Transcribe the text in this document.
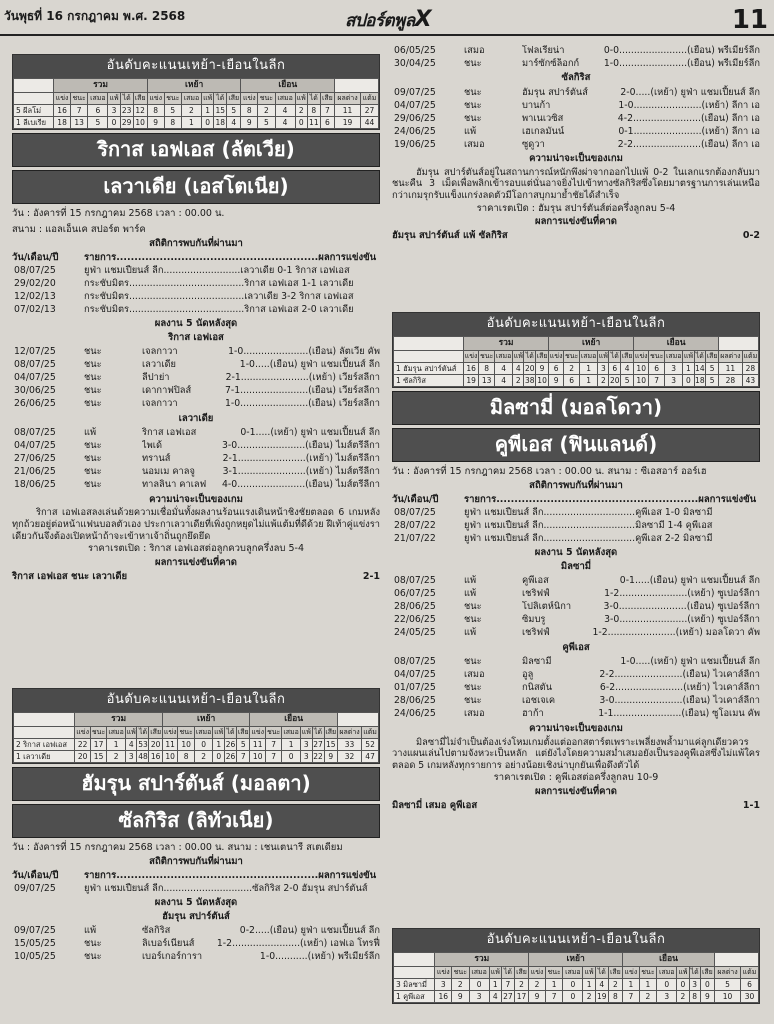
วันพุธที่ 16 กรกฎาคม พ.ศ. 2568	สปอร์ตพูลX	11
อันดับคะแนนเหย้า-เยือนในลีก
	รวม						เหย้า						เยือน							
	แข่ง	ชนะ	เสมอ	แพ้	ได้	เสีย	แข่ง	ชนะ	เสมอ	แพ้	ได้	เสีย	แข่ง	ชนะ	เสมอ	แพ้	ได้	เสีย	ผลต่าง	แต้ม
5 ผีลโม่	16	7	6	3	23	12	8	5	2	1	15	5	8	2	4	2	8	7	11	27
1 ลีเบเรีย	18	13	5	0	29	10	9	8	1	0	18	4	9	5	4	0	11	6	19	44
ริกาส เอฟเอส (ลัตเวีย)
เลวาเดีย (เอสโตเนีย)
วัน : อังคารที่ 15 กรกฎาคม 2568 เวลา : 00.00 น.
สนาม : แอลเอ็นเค สปอร์ต พาร์ค
สถิติการพบกันที่ผ่านมา
วัน/เดือน/ปี	รายการ........................................................ผลการแข่งขัน
08/07/25	ยูฟ่า แชมเปี้ยนส์ ลีก..........................เลวาเดีย 0-1 ริกาส เอฟเอส
29/02/20	กระชับมิตร.......................................ริกาส เอฟเอส 1-1 เลวาเดีย
12/02/13	กระชับมิตร.......................................เลวาเดีย 3-2 ริกาส เอฟเอส
07/02/13	กระชับมิตร.......................................ริกาส เอฟเอส 2-0 เลวาเดีย
ผลงาน 5 นัดหลังสุด
ริกาส เอฟเอส
12/07/25	ชนะ	เจลกาวา	1-0......................(เยือน) ลัตเวีย คัพ
08/07/25	ชนะ	เลวาเดีย	1-0.....(เยือน) ยูฟ่า แชมเปี้ยนส์ ลีก
04/07/25	ชนะ	ลีปาย่า	2-1.......................(เหย้า) เวียร์สลีกา
30/06/25	ชนะ	เดากาฟปิลส์	7-1.......................(เยือน) เวียร์สลีกา
26/06/25	ชนะ	เจลกาวา	1-0.......................(เยือน) เวียร์สลีกา
เลวาเดีย
08/07/25	แพ้	ริกาส เอฟเอส	0-1.....(เหย้า) ยูฟ่า แชมเปี้ยนส์ ลีก
04/07/25	ชนะ	ไพเด้	3-0.......................(เยือน) ไมส์ตรีลีกา
27/06/25	ชนะ	ทรานส์	2-1.......................(เหย้า) ไมส์ตรีลีกา
21/06/25	ชนะ	นอมเม คาลจู	3-1.......................(เหย้า) ไมส์ตรีลีกา
18/06/25	ชนะ	ทาลลินา คาเลฟ	4-0.......................(เยือน) ไมส์ตรีลีกา
ความน่าจะเป็นของเกม
ริกาส เอฟเอสลงเล่นด้วยความเชื่อมั่นทั้งผลงานร้อนแรงเดินหน้าชิงชัยตลอด 6 เกมหลังทุกถ้วยอยู่ต่อหน้าแฟนบอลตัวเอง ประกาเลวาเดียที่เพิ่งถูกหยุดไม่แพ้แต้มที่ดีด้วย ฝีเท้าคู่แข่งราเดียวกันจึงต้องเปิดหน้าถ้าจะเข้าหาเจ้าถิ่นถูกยึดยึด
ราคาเรตเปิด : ริกาส เอฟเอสต่อลูกควบลูกครึ่งลบ 5-4
ผลการแข่งขันที่คาด
ริกาส เอฟเอส ชนะ เลวาเดีย	2-1
อันดับคะแนนเหย้า-เยือนในลีก
	รวม						เหย้า						เยือน							
	แข่ง	ชนะ	เสมอ	แพ้	ได้	เสีย	แข่ง	ชนะ	เสมอ	แพ้	ได้	เสีย	แข่ง	ชนะ	เสมอ	แพ้	ได้	เสีย	ผลต่าง	แต้ม
2 ริกาส เอฟเอส	22	17	1	4	53	20	11	10	0	1	26	5	11	7	1	3	27	15	33	52
1 เลวาเดีย	20	15	2	3	48	16	10	8	2	0	26	7	10	7	0	3	22	9	32	47
ฮัมรุน สปาร์ตันส์ (มอลตา)
ซัลกิริส (ลิทัวเนีย)
วัน : อังคารที่ 15 กรกฎาคม 2568 เวลา : 00.00 น. สนาม : เชนเตนารี สเตเดียม
สถิติการพบกันที่ผ่านมา
วัน/เดือน/ปี	รายการ........................................................ผลการแข่งขัน
09/07/25	ยูฟ่า แชมเปี้ยนส์ ลีก..............................ซัลกิริส 2-0 ฮัมรุน สปาร์ตันส์
ผลงาน 5 นัดหลังสุด
ฮัมรุน สปาร์ตันส์
09/07/25	แพ้	ซัลกิริส	0-2.....(เยือน) ยูฟ่า แชมเปี้ยนส์ ลีก
15/05/25	ชนะ	ลิเบอร์เนียนส์	1-2.......................(เหย้า) เอฟเอ โทรฟี่
10/05/25	ชนะ	เบอร์เกอร์การา	1-0...........(เหย้า) พรีเมียร์ลีก
06/05/25	เสมอ	โฟลเรียน่า	0-0.......................(เยือน) พรีเมียร์ลีก
30/04/25	ชนะ	มาร์ซักซ์ล็อกก์	1-0.......................(เยือน) พรีเมียร์ลีก
ซัลกิริส
09/07/25	ชนะ	ฮัมรุน สปาร์ตันส์	2-0.....(เหย้า) ยูฟ่า แชมเปี้ยนส์ ลีก
04/07/25	ชนะ	บานก้า	1-0.......................(เหย้า) ลีกา เอ
29/06/25	ชนะ	พาเนเวซิส	4-2.......................(เยือน) ลีกา เอ
24/06/25	แพ้	เฮเกลมันน์	0-1.......................(เหย้า) ลีกา เอ
19/06/25	เสมอ	ซูดูวา	2-2.......................(เยือน) ลีกา เอ
ความน่าจะเป็นของเกม
ฮัมรุน สปาร์ตันส์อยู่ในสถานการณ์หนักพึงผ่าจากออกไปแพ้ 0-2 ในเลกแรกต้องกลับมาชนะคืน 3 เม็ดเพื่อพลิกเข้ารอบแต่นั่นอาจยิ่งไปเข้าทางซัลกิริสซึ่งโดยมาตรฐานการเล่นเหนือกว่าเกมรุกรับแข็งแกร่งลดตัวมีโอกาสบุกมาย้ำชัยได้สำเร็จ
ราคาเรตเปิด : ฮัมรุน สปาร์ตันส์ต่อครึ่งลูกลบ 5-4
ผลการแข่งขันที่คาด
ฮัมรุน สปาร์ตันส์ แพ้ ซัลกิริส	0-2
อันดับคะแนนเหย้า-เยือนในลีก
	รวม						เหย้า						เยือน							
	แข่ง	ชนะ	เสมอ	แพ้	ได้	เสีย	แข่ง	ชนะ	เสมอ	แพ้	ได้	เสีย	แข่ง	ชนะ	เสมอ	แพ้	ได้	เสีย	ผลต่าง	แต้ม
1 ฮัมรุน สปาร์ตันส์	16	8	4	4	20	9	6	2	1	3	6	4	10	6	3	1	14	5	11	28
1 ซัลกิริส	19	13	4	2	38	10	9	6	1	2	20	5	10	7	3	0	18	5	28	43
มิลซามี่ (มอลโดวา)
คูพีเอส (ฟินแลนด์)
วัน : อังคารที่ 15 กรกฎาคม 2568 เวลา : 00.00 น. สนาม : ซีเอสอาร์ ออร์เฮ
สถิติการพบกันที่ผ่านมา
วัน/เดือน/ปี	รายการ........................................................ผลการแข่งขัน
08/07/25	ยูฟ่า แชมเปี้ยนส์ ลีก...............................คูพีเอส 1-0 มิลซามี่
28/07/22	ยูฟ่า แชมเปี้ยนส์ ลีก...............................มิลซามี่ 1-4 คูพีเอส
21/07/22	ยูฟ่า แชมเปี้ยนส์ ลีก...............................คูพีเอส 2-2 มิลซามี่
ผลงาน 5 นัดหลังสุด
มิลซามี่
08/07/25	แพ้	คูพีเอส	0-1.....(เยือน) ยูฟ่า แชมเปี้ยนส์ ลีก
06/07/25	แพ้	เชริฟฟ์	1-2.......................(เหย้า) ซูเปอร์ลีกา
28/06/25	ชนะ	โปลิเตห์นิกา	3-0.......................(เยือน) ซูเปอร์ลีกา
22/06/25	ชนะ	ซิมบรู	3-0.......................(เหย้า) ซูเปอร์ลีกา
24/05/25	แพ้	เชริฟฟ์	1-2.......................(เหย้า) มอลโดวา คัพ
คูพีเอส
08/07/25	ชนะ	มิลซามี่	1-0.....(เหย้า) ยูฟ่า แชมเปี้ยนส์ ลีก
04/07/25	เสมอ	อูลู	2-2.......................(เยือน) ไวเคาส์ลีกา
01/07/25	ชนะ	กนิสตัน	6-2.......................(เหย้า) ไวเคาส์ลีกา
28/06/25	ชนะ	เอชเจเค	3-0.......................(เยือน) ไวเคาส์ลีกา
24/06/25	เสมอ	ฮาก้า	1-1.......................(เยือน) ซูโอเมน คัพ
ความน่าจะเป็นของเกม
มิลซามี่ไม่จำเป็นต้องเร่งโหมเกมตั้งแต่ออกสตาร์ตเพราะเพลี่ยงพล้ำมาแค่ลูกเดียวควรวางแผนเล่นไปตามจังหวะเป็นหลัก แต่ยังไงโดยความสม่ำเสมอยังเป็นรองคูพีเอสซึ่งไม่แพ้ใครตลอด 5 เกมหลังทุกรายการ อย่างน้อยเชิงน่าบุกยันเพื่อดึงตัวได้
ราคาเรตเปิด : คูพีเอสต่อครึ่งลูกลบ 10-9
ผลการแข่งขันที่คาด
มิลซามี่ เสมอ คูพีเอส	1-1
อันดับคะแนนเหย้า-เยือนในลีก
	รวม						เหย้า						เยือน							
	แข่ง	ชนะ	เสมอ	แพ้	ได้	เสีย	แข่ง	ชนะ	เสมอ	แพ้	ได้	เสีย	แข่ง	ชนะ	เสมอ	แพ้	ได้	เสีย	ผลต่าง	แต้ม
3 มิลซามี่	3	2	0	1	7	2	2	1	0	1	4	2	1	1	0	0	3	0	5	6
1 คูพีเอส	16	9	3	4	27	17	9	7	0	2	19	8	7	2	3	2	8	9	10	30
